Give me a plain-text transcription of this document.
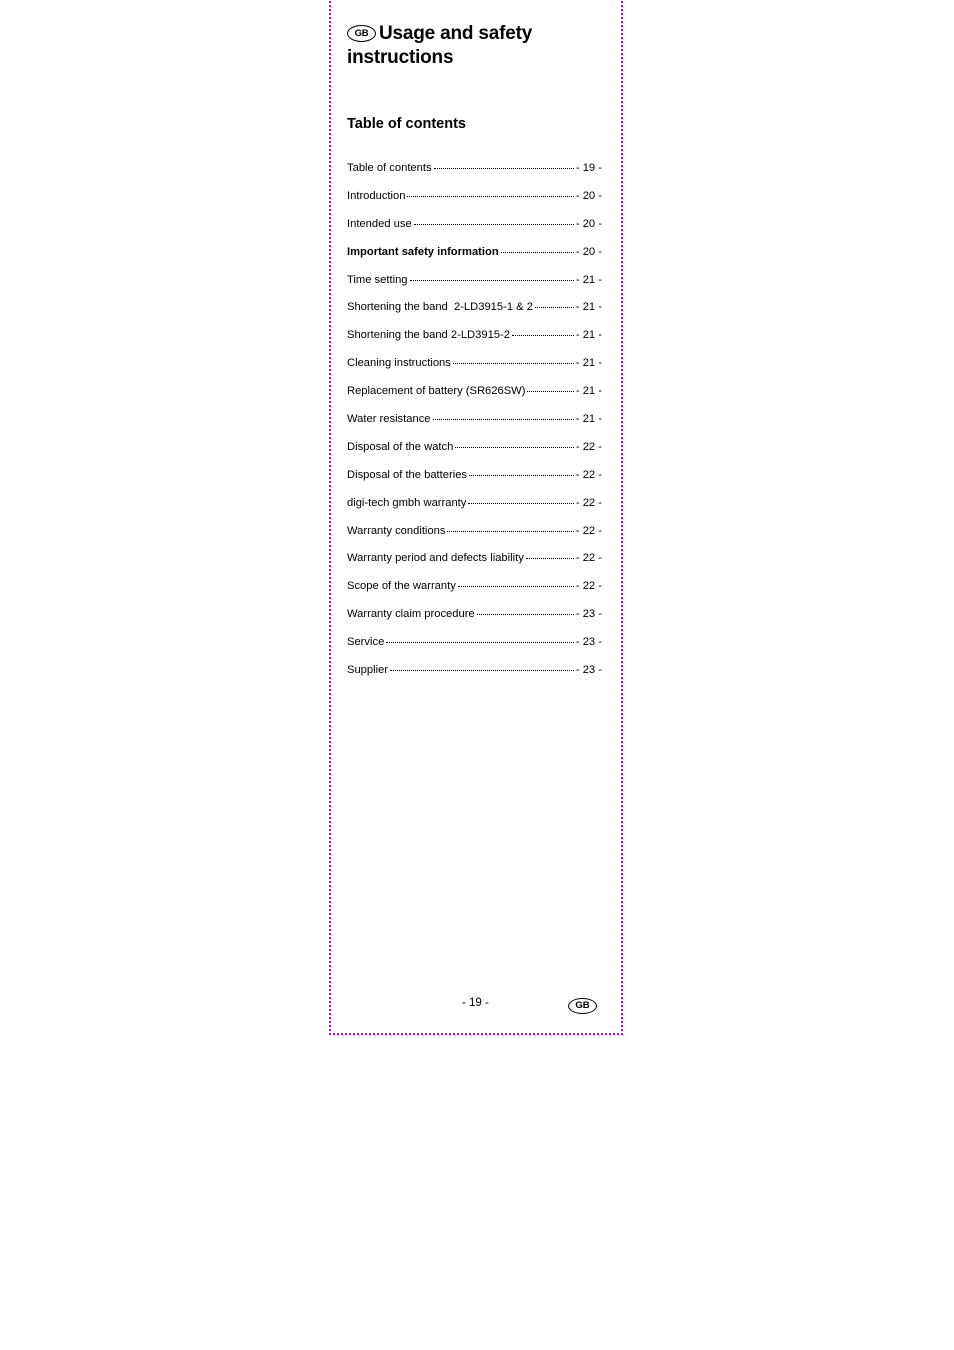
GB Usage and safety instructions
Table of contents
Table of contents	- 19 -
Introduction	- 20 -
Intended use	- 20 -
Important safety information	- 20 -
Time setting	- 21 -
Shortening the band  2-LD3915-1 & 2	- 21 -
Shortening the band 2-LD3915-2	- 21 -
Cleaning instructions	- 21 -
Replacement of battery (SR626SW)	- 21 -
Water resistance	- 21 -
Disposal of the watch	- 22 -
Disposal of the batteries	- 22 -
digi-tech gmbh warranty	- 22 -
Warranty conditions	- 22 -
Warranty period and defects liability	- 22 -
Scope of the warranty	- 22 -
Warranty claim procedure	- 23 -
Service	- 23 -
Supplier	- 23 -
- 19 -	GB
